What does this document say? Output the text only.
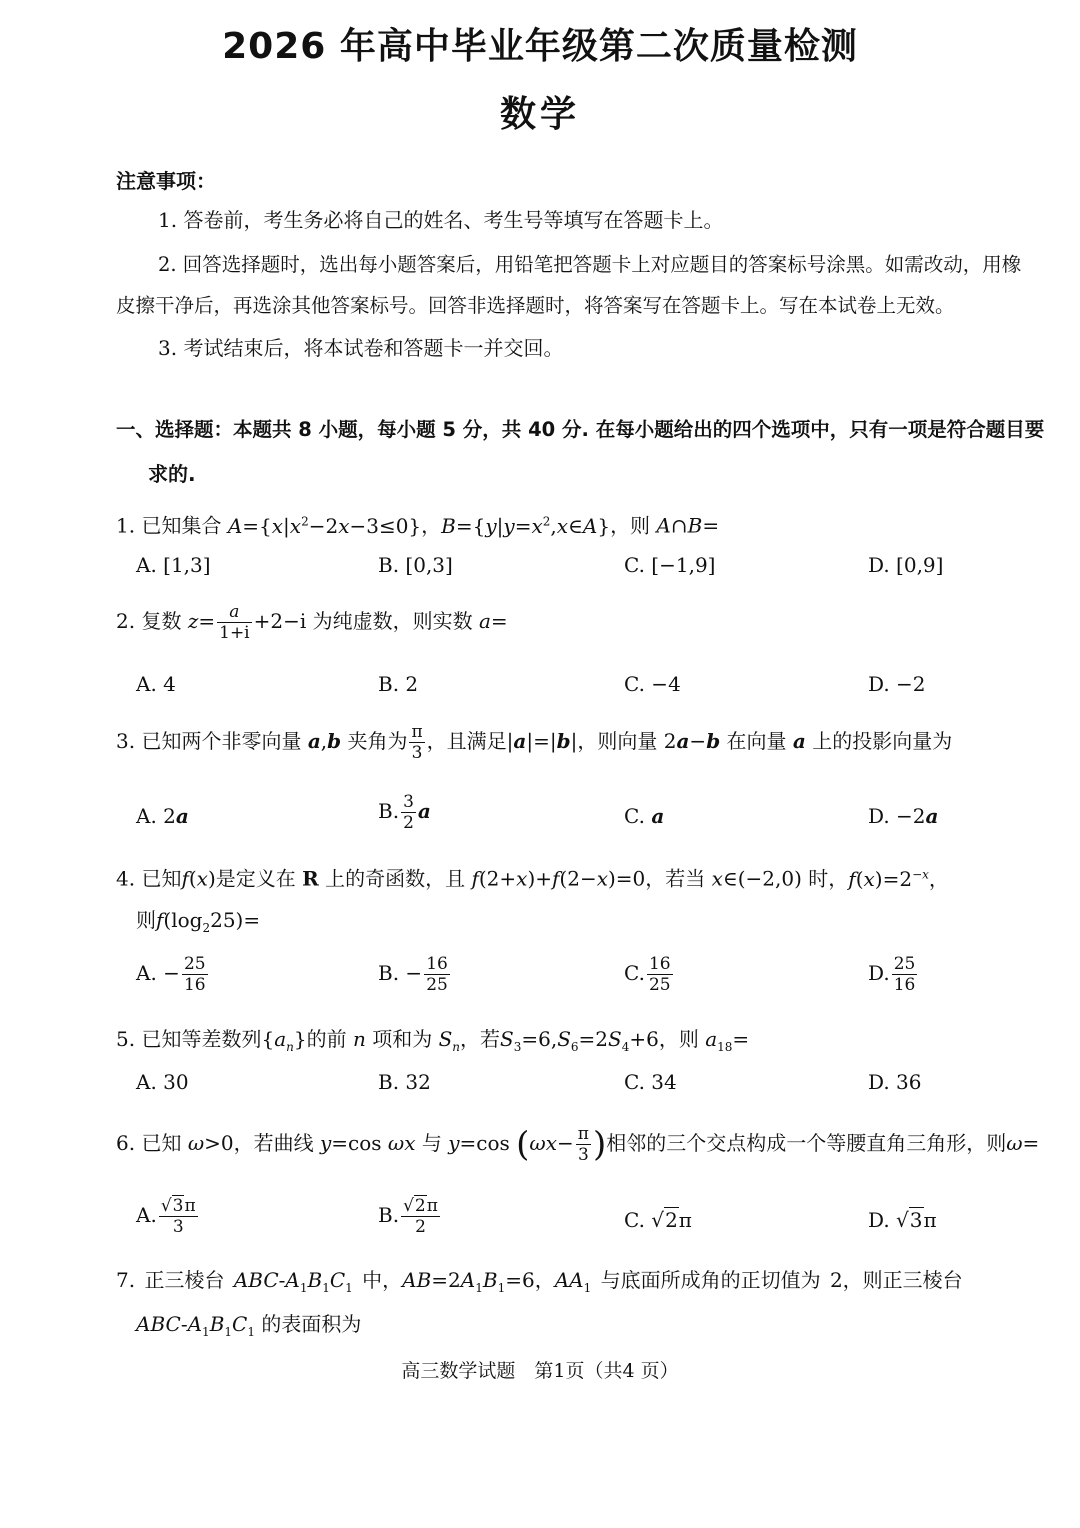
2026 年高中毕业年级第二次质量检测
数学
注意事项：
1. 答卷前，考生务必将自己的姓名、考生号等填写在答题卡上。
2. 回答选择题时，选出每小题答案后，用铅笔把答题卡上对应题目的答案标号涂黑。如需改动，用橡
皮擦干净后，再选涂其他答案标号。回答非选择题时，将答案写在答题卡上。写在本试卷上无效。
3. 考试结束后，将本试卷和答题卡一并交回。
一、选择题：本题共 8 小题，每小题 5 分，共 40 分. 在每小题给出的四个选项中，只有一项是符合题目要
求的.
1. 已知集合 $A=\{x|x^2-2x-3\le 0\}$，$B=\{y|y=x^2,x\in A\}$，则 A∩B=
A. [1,3]	B. [0,3]	C. [−1,9]	D. [0,9]
2. 复数 $z= \frac{a}{1+i} +2-i$ 为纯虚数，则实数 a=
A. 4	B. 2	C. −4	D. −2
3. 已知两个非零向量 a,b 夹角为 $\frac{\pi}{3}$ ，且满足|a|=|b|，则向量 2a−b 在向量 a 上的投影向量为
A. 2a	B. $\frac{3}{2}$ a	C. a	D. −2a
4. 已知f(x)是定义在 R 上的奇函数，且 f(2+x)+f(2−x)=0，若当 x∈(−2,0) 时，$f(x)=2^{-x}$，
则$f(\log_225)=$
A. − $\frac{25}{16}$	B. − $\frac{16}{25}$	C. $\frac{16}{25}$	D. $\frac{25}{16}$
5. 已知等差数列$\{a_n\}$的前 n 项和为 $S_n$，若$S_3=6,S_6=2S_4+6$，则 $a_{18}=$
A. 30	B. 32	C. 34	D. 36
6. 已知 ω>0，若曲线 y=cos ωx 与 y=cos ($\omega x- \frac{\pi}{3}$ )相邻的三个交点构成一个等腰直角三角形，则ω=
A. $\frac{√3\pi}{3}$	B. $\frac{√2\pi}{2}$	C. √2π	D. √3π
7. 正三棱台 ABC-$A_1B_1C_1$ 中，$AB=2A_1B_1=6$，$AA_1$ 与底面所成角的正切值为 2，则正三棱台
ABC-$A_1B_1C_1$ 的表面积为
高三数学试题　第1页（共4 页）
